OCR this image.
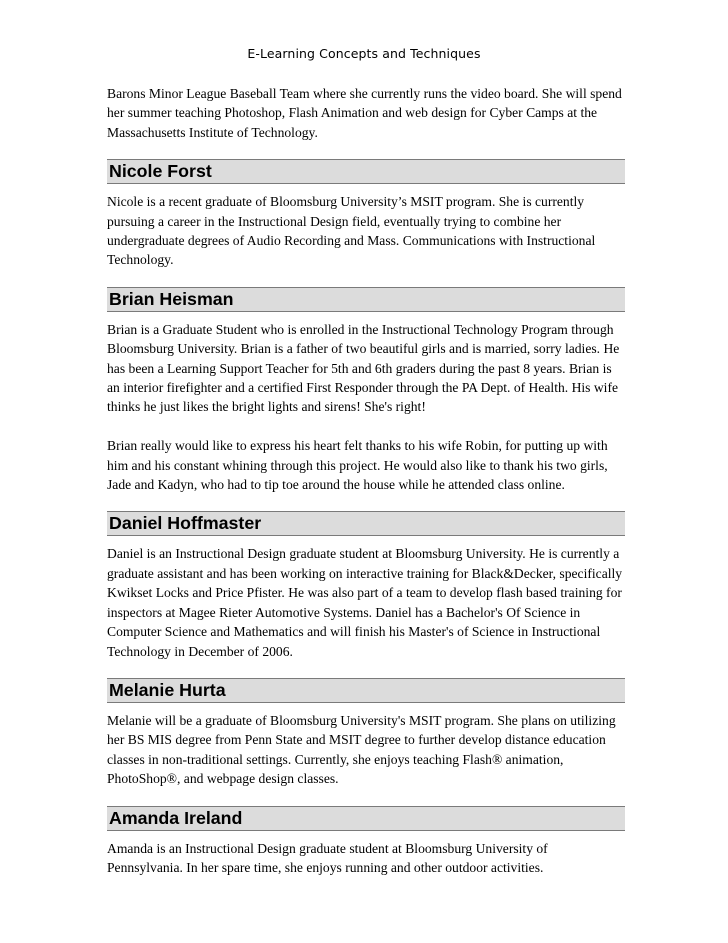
E-Learning Concepts and Techniques

Barons Minor League Baseball Team where she currently runs the video board. She will spend her summer teaching Photoshop, Flash Animation and web design for Cyber Camps at the Massachusetts Institute of Technology.

Nicole Forst

Nicole is a recent graduate of Bloomsburg University’s MSIT program. She is currently pursuing a career in the Instructional Design field, eventually trying to combine her undergraduate degrees of Audio Recording and Mass. Communications with Instructional Technology.

Brian Heisman

Brian is a Graduate Student who is enrolled in the Instructional Technology Program through Bloomsburg University. Brian is a father of two beautiful girls and is married, sorry ladies. He has been a Learning Support Teacher for 5th and 6th graders during the past 8 years. Brian is an interior firefighter and a certified First Responder through the PA Dept. of Health. His wife thinks he just likes the bright lights and sirens! She's right!

Brian really would like to express his heart felt thanks to his wife Robin, for putting up with him and his constant whining through this project. He would also like to thank his two girls, Jade and Kadyn, who had to tip toe around the house while he attended class online.

Daniel Hoffmaster

Daniel is an Instructional Design graduate student at Bloomsburg University. He is currently a graduate assistant and has been working on interactive training for Black&Decker, specifically Kwikset Locks and Price Pfister. He was also part of a team to develop flash based training for inspectors at Magee Rieter Automotive Systems. Daniel has a Bachelor's Of Science in Computer Science and Mathematics and will finish his Master's of Science in Instructional Technology in December of 2006.

Melanie Hurta

Melanie will be a graduate of Bloomsburg University's MSIT program. She plans on utilizing her BS MIS degree from Penn State and MSIT degree to further develop distance education classes in non-traditional settings. Currently, she enjoys teaching Flash® animation, PhotoShop®, and webpage design classes.

Amanda Ireland

Amanda is an Instructional Design graduate student at Bloomsburg University of Pennsylvania. In her spare time, she enjoys running and other outdoor activities.
